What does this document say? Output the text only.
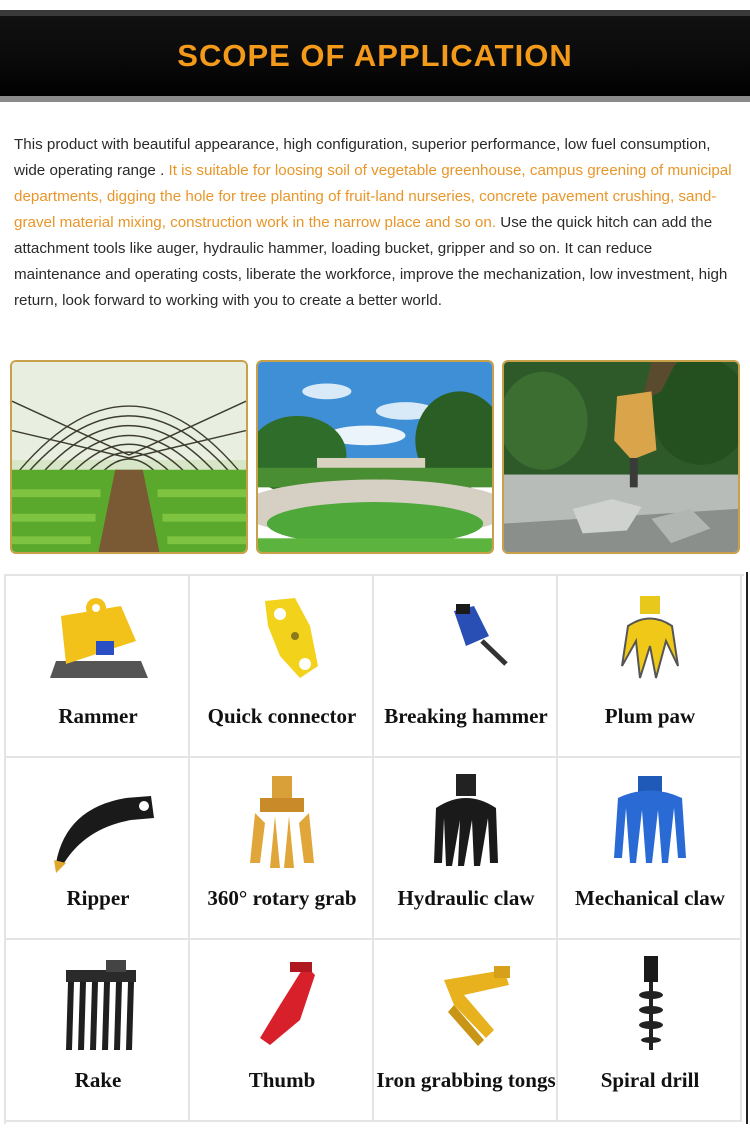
SCOPE OF APPLICATION

This product with beautiful appearance, high configuration, superior performance, low fuel consumption, wide operating range . It is suitable for loosing soil of vegetable greenhouse, campus greening of municipal departments, digging the hole for tree planting of fruit-land nurseries, concrete pavement crushing, sand-gravel material mixing, construction work in the narrow place and so on. Use the quick hitch can add the attachment tools like auger, hydraulic hammer, loading bucket, gripper and so on. It can reduce maintenance and operating costs, liberate the workforce, improve the mechanization, low investment, high return, look forward to working with you to create a better world.

Rammer	Quick connector	Breaking hammer	Plum paw
Ripper	360° rotary grab	Hydraulic claw	Mechanical claw
Rake	Thumb	Iron grabbing tongs	Spiral drill
